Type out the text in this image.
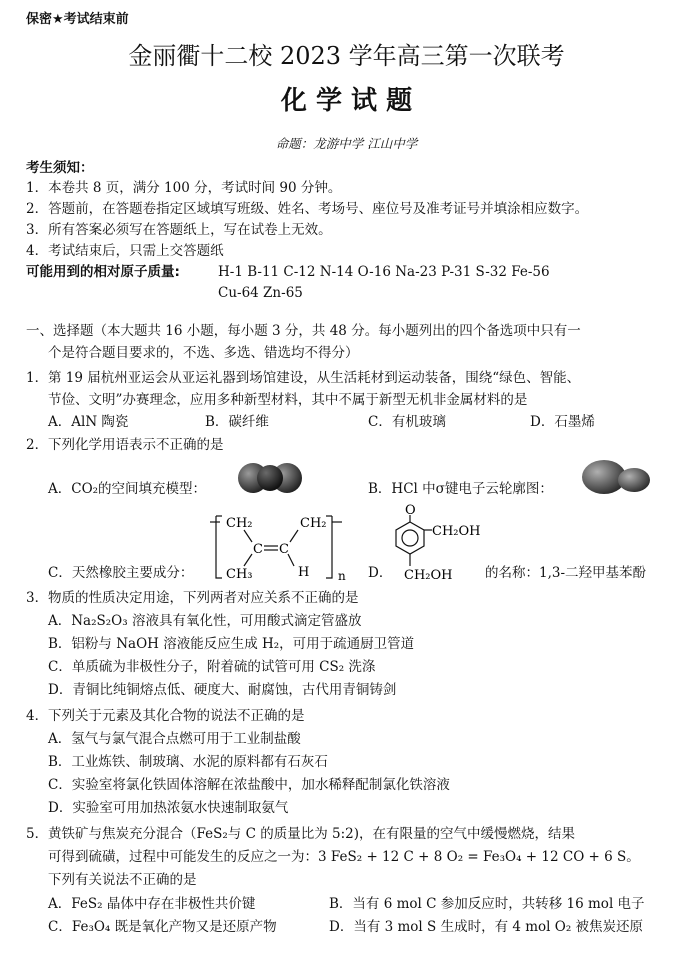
保密★考试结束前
金丽衢十二校 2023 学年高三第一次联考
化 学 试 题
命题：龙游中学 江山中学
考生须知：
1．本卷共 8 页，满分 100 分，考试时间 90 分钟。
2．答题前，在答题卷指定区域填写班级、姓名、考场号、座位号及准考证号并填涂相应数字。
3．所有答案必须写在答题纸上，写在试卷上无效。
4．考试结束后，只需上交答题纸
可能用到的相对原子质量:	H-1 B-11 C-12 N-14 O-16 Na-23 P-31 S-32 Fe-56
Cu-64 Zn-65
一、选择题（本大题共 16 小题，每小题 3 分，共 48 分。每小题列出的四个备选项中只有一
个是符合题目要求的，不选、多选、错选均不得分）
1．第 19 届杭州亚运会从亚运礼器到场馆建设，从生活耗材到运动装备，围绕“绿色、智能、
节俭、文明”办赛理念，应用多种新型材料，其中不属于新型无机非金属材料的是
A．AlN 陶瓷	B．碳纤维	C．有机玻璃	D．石墨烯
2．下列化学用语表示不正确的是
A．CO₂的空间填充模型：	B．HCl 中σ键电子云轮廓图：
C．天然橡胶主要成分：
CH₂	CH₂
C C
CH₃	H n D．
O
CH₂OH
CH₂OH 的名称：1,3-二羟甲基苯酚
3．物质的性质决定用途，下列两者对应关系不正确的是
A．Na₂S₂O₃ 溶液具有氧化性，可用酸式滴定管盛放
B．铝粉与 NaOH 溶液能反应生成 H₂，可用于疏通厨卫管道
C．单质硫为非极性分子，附着硫的试管可用 CS₂ 洗涤
D．青铜比纯铜熔点低、硬度大、耐腐蚀，古代用青铜铸剑
4．下列关于元素及其化合物的说法不正确的是
A．氢气与氯气混合点燃可用于工业制盐酸
B．工业炼铁、制玻璃、水泥的原料都有石灰石
C．实验室将氯化铁固体溶解在浓盐酸中，加水稀释配制氯化铁溶液
D．实验室可用加热浓氨水快速制取氨气
5．黄铁矿与焦炭充分混合（FeS₂与 C 的质量比为 5:2)，在有限量的空气中缓慢燃烧，结果
可得到硫磺，过程中可能发生的反应之一为：3 FeS₂ + 12 C + 8 O₂ = Fe₃O₄ + 12 CO + 6 S。
下列有关说法不正确的是
A．FeS₂ 晶体中存在非极性共价键	B．当有 6 mol C 参加反应时，共转移 16 mol 电子
C．Fe₃O₄ 既是氧化产物又是还原产物	D．当有 3 mol S 生成时，有 4 mol O₂ 被焦炭还原
